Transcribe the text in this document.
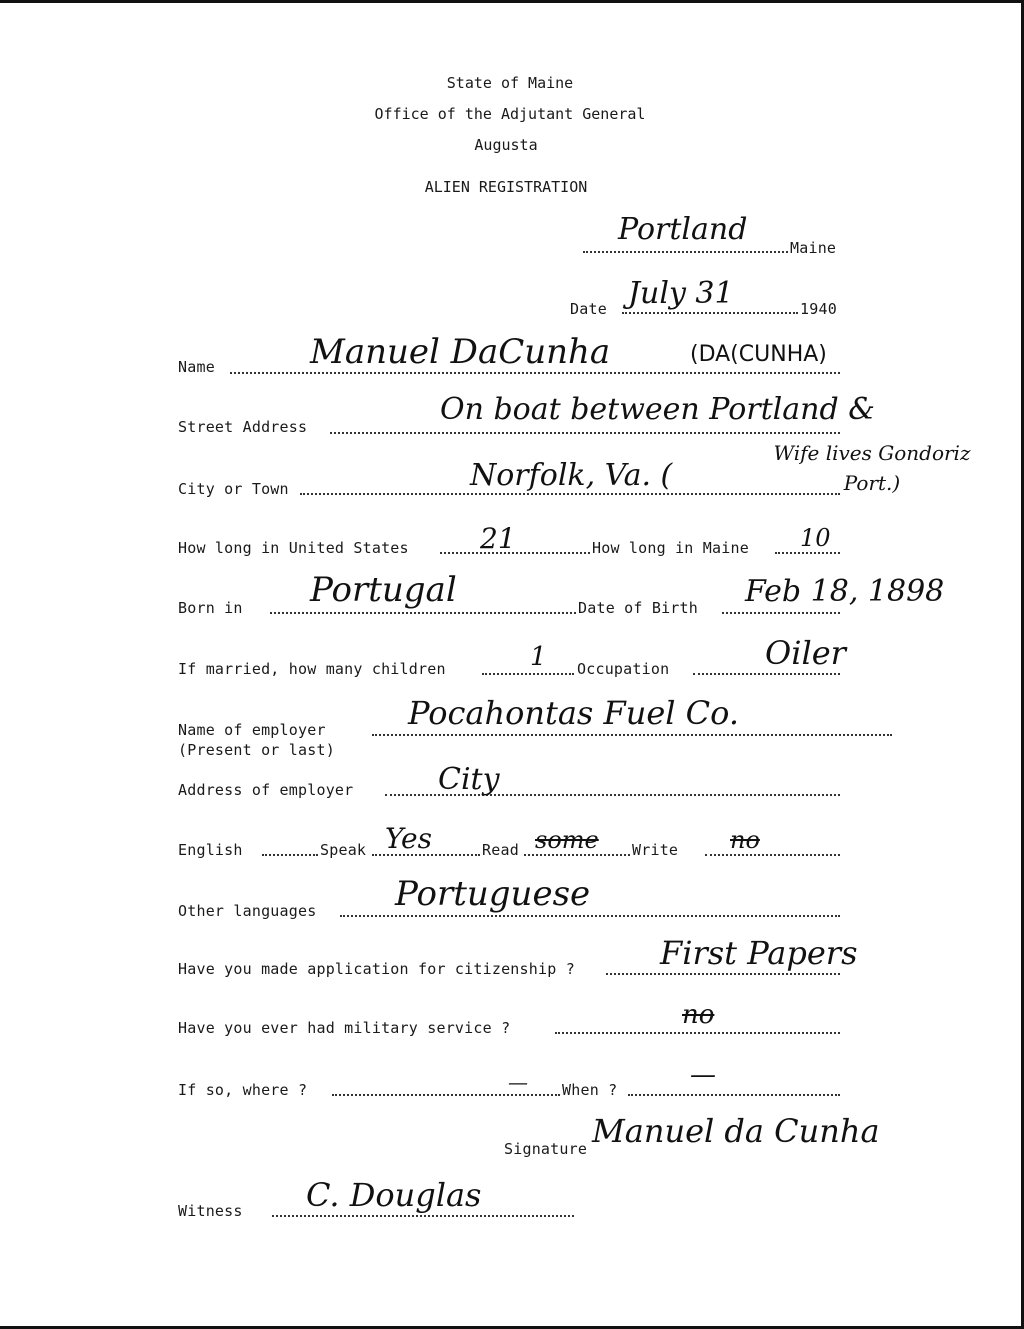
State of Maine
Office of the Adjutant General
Augusta
ALIEN REGISTRATION
Portland
Maine
Date July 31	1940
Name	Manuel DaCunha	(DA(CUNHA)
Street Address	On boat between Portland &
City or Town	Norfolk, Va. (
Wife lives Gondoriz Port.)
How long in United States	21	How long in Maine 10
Born in Portugal	Date of Birth Feb 18, 1898
If married, how many children	1 Occupation	Oiler
Name of employer
(Present or last)
Pocahontas Fuel Co.
Address of employer	City
English	Speak Yes	Read some Write no
Other languages Portuguese
Have you made application for citizenship ?	First Papers
Have you ever had military service ?	no
If so, where ?	— When ?	—
Signature Manuel da Cunha
Witness C. Douglas
